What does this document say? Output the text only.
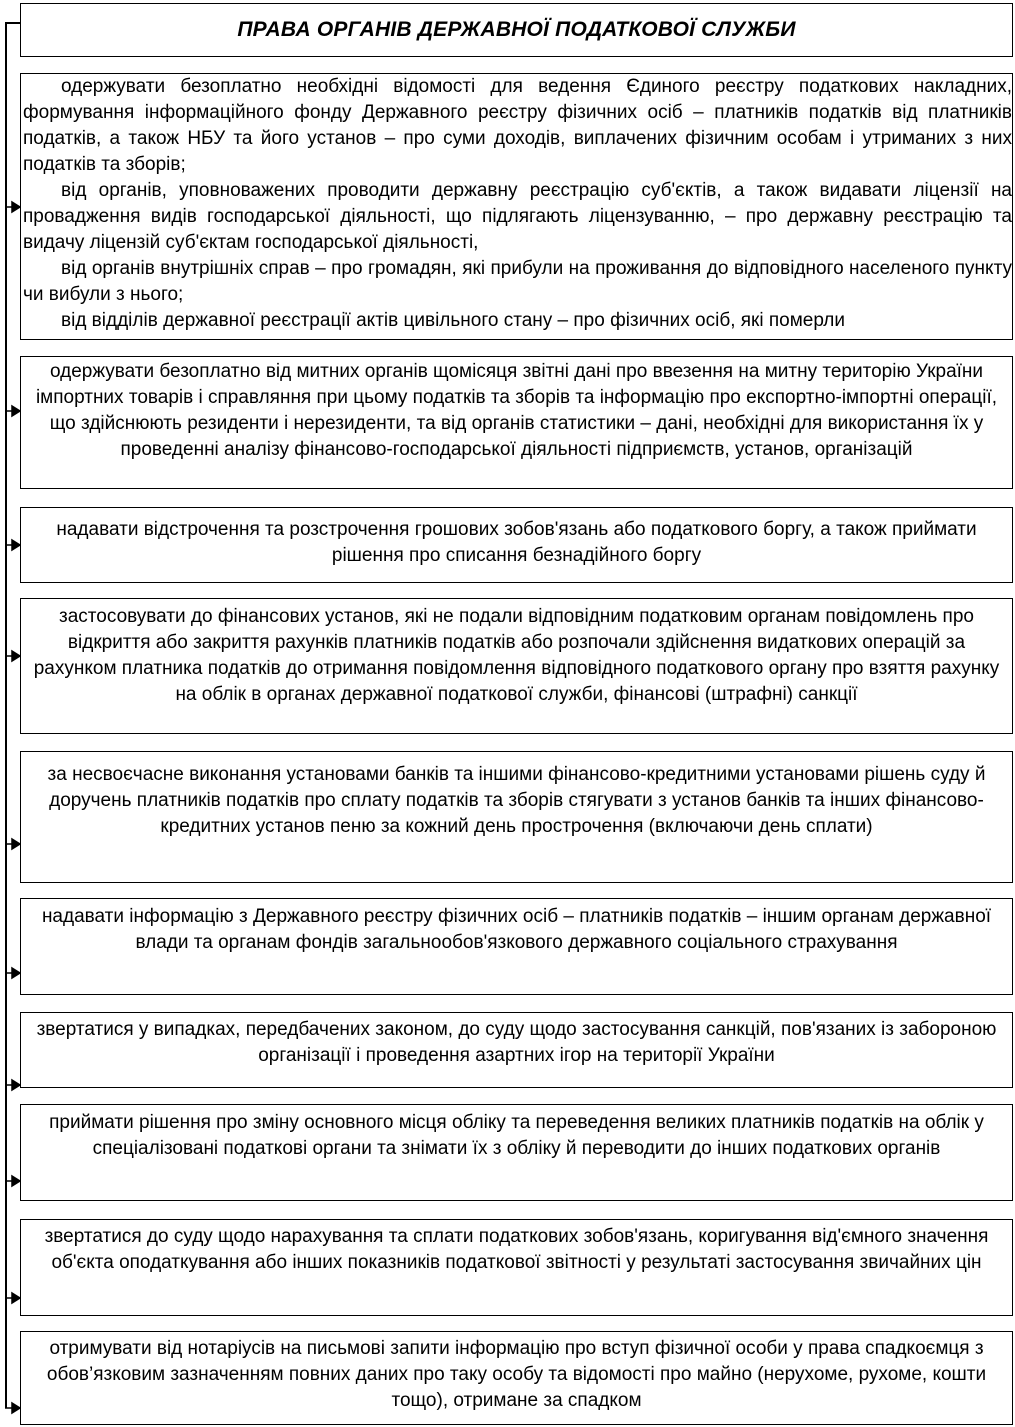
ПРАВА ОРГАНІВ ДЕРЖАВНОЇ ПОДАТКОВОЇ СЛУЖБИ

одержувати безоплатно необхідні відомості для ведення Єдиного реєстру податкових накладних, формування інформаційного фонду Державного реєстру фізичних осіб – платників податків від платників податків, а також НБУ та його установ – про суми доходів, виплачених фізичним особам і утриманих з них податків та зборів;

від органів, уповноважених проводити державну реєстрацію суб'єктів, а також видавати ліцензії на провадження видів господарської діяльності, що підлягають ліцензуванню, – про державну реєстрацію та видачу ліцензій суб'єктам господарської діяльності,

від органів внутрішніх справ – про громадян, які прибули на проживання до відповідного населеного пункту чи вибули з нього;

від відділів державної реєстрації актів цивільного стану – про фізичних осіб, які померли

одержувати безоплатно від митних органів щомісяця звітні дані про ввезення на митну територію України імпортних товарів і справляння при цьому податків та зборів та інформацію про експортно-імпортні операції, що здійснюють резиденти і нерезиденти, та від органів статистики – дані, необхідні для використання їх у проведенні аналізу фінансово-господарської діяльності підприємств, установ, організацій
надавати відстрочення та розстрочення грошових зобов'язань або податкового боргу, а також приймати рішення про списання безнадійного боргу
застосовувати до фінансових установ, які не подали відповідним податковим органам повідомлень про відкриття або закриття рахунків платників податків або розпочали здійснення видаткових операцій за рахунком платника податків до отримання повідомлення відповідного податкового органу про взяття рахунку на облік в органах державної податкової служби, фінансові (штрафні) санкції
за несвоєчасне виконання установами банків та іншими фінансово-кредитними установами рішень суду й доручень платників податків про сплату податків та зборів стягувати з установ банків та інших фінансово-кредитних установ пеню за кожний день прострочення (включаючи день сплати)
надавати інформацію з Державного реєстру фізичних осіб – платників податків – іншим органам державної влади та органам фондів загальнообов'язкового державного соціального страхування
звертатися у випадках, передбачених законом, до суду щодо застосування санкцій, пов'язаних із забороною організації і проведення азартних ігор на території України
приймати рішення про зміну основного місця обліку та переведення великих платників податків на облік у спеціалізовані податкові органи та знімати їх з обліку й переводити до інших податкових органів
звертатися до суду щодо нарахування та сплати податкових зобов'язань, коригування від'ємного значення об'єкта оподаткування або інших показників податкової звітності у результаті застосування звичайних цін
отримувати від нотаріусів на письмові запити інформацію про вступ фізичної особи у права спадкоємця з обов’язковим зазначенням повних даних про таку особу та відомості про майно (нерухоме, рухоме, кошти тощо), отримане за спадком
